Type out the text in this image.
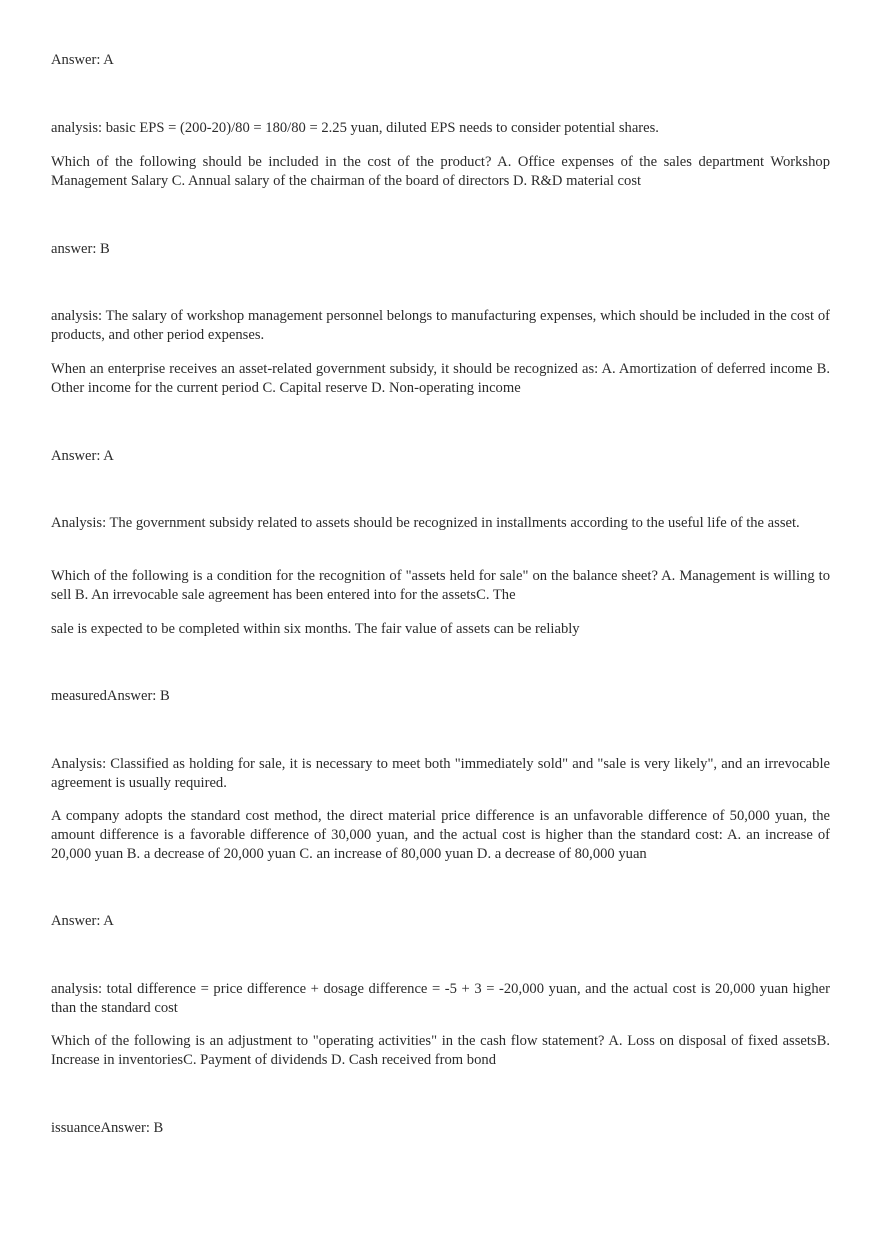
Answer: A

analysis: basic EPS = (200-20)/80 = 180/80 = 2.25 yuan, diluted EPS needs to consider potential shares.

Which of the following should be included in the cost of the product? A. Office expenses of the sales department Workshop Management Salary C. Annual salary of the chairman of the board of directors D. R&D material cost

answer: B

analysis: The salary of workshop management personnel belongs to manufacturing expenses, which should be included in the cost of products, and other period expenses.

When an enterprise receives an asset-related government subsidy, it should be recognized as: A. Amortization of deferred income B. Other income for the current period C. Capital reserve D. Non-operating income

Answer: A

Analysis: The government subsidy related to assets should be recognized in installments according to the useful life of the asset.

Which of the following is a condition for the recognition of "assets held for sale" on the balance sheet? A. Management is willing to sell B. An irrevocable sale agreement has been entered into for the assetsC. The

sale is expected to be completed within six months. The fair value of assets can be reliably

measuredAnswer: B

Analysis: Classified as holding for sale, it is necessary to meet both "immediately sold" and "sale is very likely", and an irrevocable agreement is usually required.

A company adopts the standard cost method, the direct material price difference is an unfavorable difference of 50,000 yuan, the amount difference is a favorable difference of 30,000 yuan, and the actual cost is higher than the standard cost: A. an increase of 20,000 yuan B. a decrease of 20,000 yuan C. an increase of 80,000 yuan D. a decrease of 80,000 yuan

Answer: A

analysis: total difference = price difference + dosage difference = -5 + 3 = -20,000 yuan, and the actual cost is 20,000 yuan higher than the standard cost

Which of the following is an adjustment to "operating activities" in the cash flow statement? A. Loss on disposal of fixed assetsB. Increase in inventoriesC. Payment of dividends D. Cash received from bond

issuanceAnswer: B
